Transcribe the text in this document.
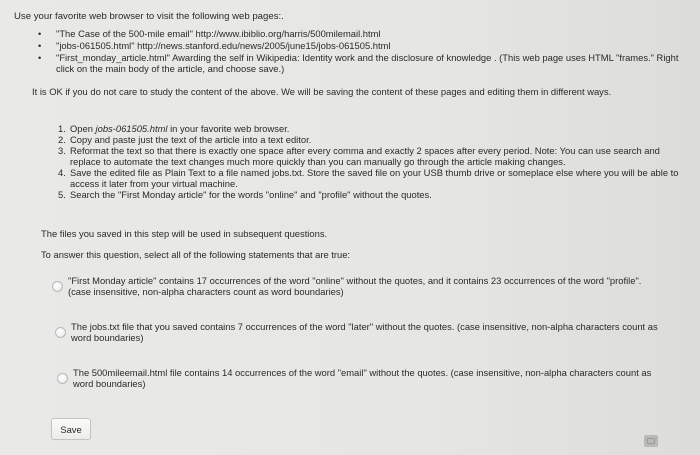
Use your favorite web browser to visit the following web pages:.
• "The Case of the 500-mile email" http://www.ibiblio.org/harris/500milemail.html
• "jobs-061505.html" http://news.stanford.edu/news/2005/june15/jobs-061505.html
• "First_monday_article.html" Awarding the self in Wikipedia: Identity work and the disclosure of knowledge . (This web page uses HTML "frames." Right click on the main body of the article, and choose save.)
It is OK if you do not care to study the content of the above. We will be saving the content of these pages and editing them in different ways.
1. Open jobs-061505.html in your favorite web browser.
2. Copy and paste just the text of the article into a text editor.
3. Reformat the text so that there is exactly one space after every comma and exactly 2 spaces after every period. Note: You can use search and replace to automate the text changes much more quickly than you can manually go through the article making changes.
4. Save the edited file as Plain Text to a file named jobs.txt. Store the saved file on your USB thumb drive or someplace else where you will be able to access it later from your virtual machine.
5. Search the "First Monday article" for the words "online" and "profile" without the quotes.
The files you saved in this step will be used in subsequent questions.
To answer this question, select all of the following statements that are true:
"First Monday article" contains 17 occurrences of the word "online" without the quotes, and it contains 23 occurrences of the word "profile". (case insensitive, non-alpha characters count as word boundaries)
The jobs.txt file that you saved contains 7 occurrences of the word "later" without the quotes. (case insensitive, non-alpha characters count as word boundaries)
The 500mileemail.html file contains 14 occurrences of the word "email" without the quotes. (case insensitive, non-alpha characters count as word boundaries)
Save
